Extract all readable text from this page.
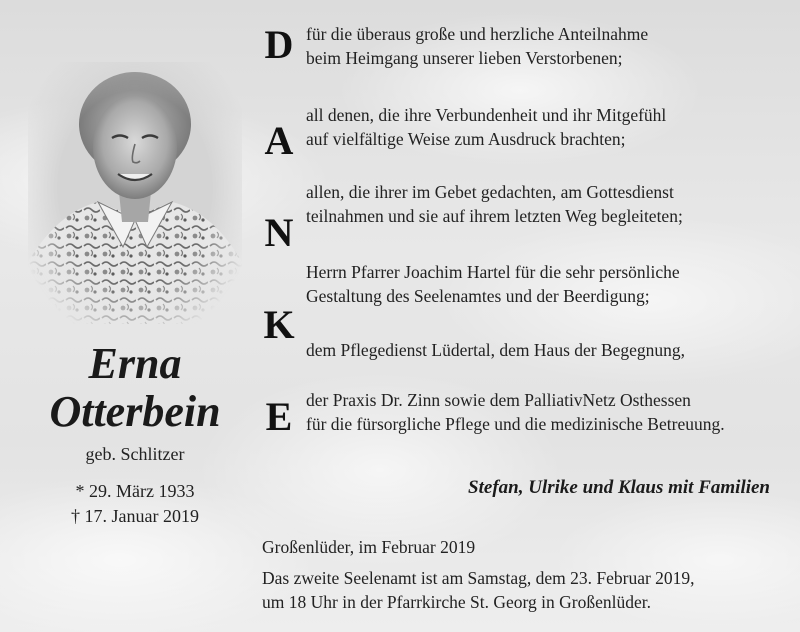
Erna
Otterbein
geb. Schlitzer
* 29. März 1933
† 17. Januar 2019
D
A
N
K
E
für die überaus große und herzliche Anteilnahme
beim Heimgang unserer lieben Verstorbenen;
all denen, die ihre Verbundenheit und ihr Mitgefühl
auf vielfältige Weise zum Ausdruck brachten;
allen, die ihrer im Gebet gedachten, am Gottesdienst
teilnahmen und sie auf ihrem letzten Weg begleiteten;
Herrn Pfarrer Joachim Hartel für die sehr persönliche
Gestaltung des Seelenamtes und der Beerdigung;
dem Pflegedienst Lüdertal, dem Haus der Begegnung,
der Praxis Dr. Zinn sowie dem PalliativNetz Osthessen
für die fürsorgliche Pflege und die medizinische Betreuung.
Stefan, Ulrike und Klaus mit Familien
Großenlüder, im Februar 2019
Das zweite Seelenamt ist am Samstag, dem 23. Februar 2019,
um 18 Uhr in der Pfarrkirche St. Georg in Großenlüder.
